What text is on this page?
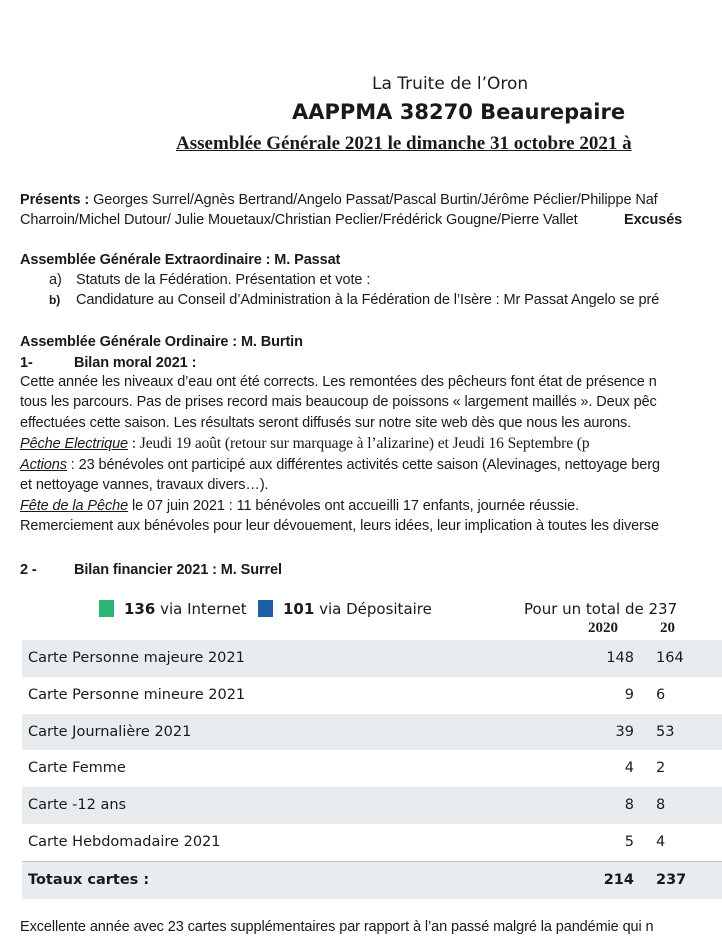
La Truite de l’Oron
AAPPMA 38270 Beaurepaire
Assemblée Générale 2021 le dimanche 31 octobre 2021 à
Présents : Georges Surrel/Agnès Bertrand/Angelo Passat/Pascal Burtin/Jérôme Péclier/Philippe Naf
Charroin/Michel Dutour/ Julie Mouetaux/Christian Peclier/Frédérick Gougne/Pierre Vallet	Excusés
Assemblée Générale Extraordinaire : M. Passat
a) Statuts de la Fédération. Présentation et vote :
b) Candidature au Conseil d’Administration à la Fédération de l’Isère : Mr Passat Angelo se pré
Assemblée Générale Ordinaire : M. Burtin
1-	Bilan moral 2021 :
Cette année les niveaux d’eau ont été corrects. Les remontées des pêcheurs font état de présence n
tous les parcours. Pas de prises record mais beaucoup de poissons « largement maillés ». Deux pêc
effectuées cette saison. Les résultats seront diffusés sur notre site web dès que nous les aurons.
Pêche Electrique : Jeudi 19 août (retour sur marquage à l’alizarine) et Jeudi 16 Septembre (p
Actions : 23 bénévoles ont participé aux différentes activités cette saison (Alevinages, nettoyage berg
et nettoyage vannes, travaux divers…).
Fête de la Pêche le 07 juin 2021 : 11 bénévoles ont accueilli 17 enfants, journée réussie.
Remerciement aux bénévoles pour leur dévouement, leurs idées, leur implication à toutes les diverse
2 -	Bilan financier 2021 : M. Surrel
136 via Internet	101 via Dépositaire	Pour un total de 237
2020	20
Carte Personne majeure 2021	148 164
Carte Personne mineure 2021	9 6
Carte Journalière 2021	39 53
Carte Femme	4 2
Carte -12 ans	8 8
Carte Hebdomadaire 2021	5 4
Totaux cartes :	214 237
Excellente année avec 23 cartes supplémentaires par rapport à l’an passé malgré la pandémie qui n
